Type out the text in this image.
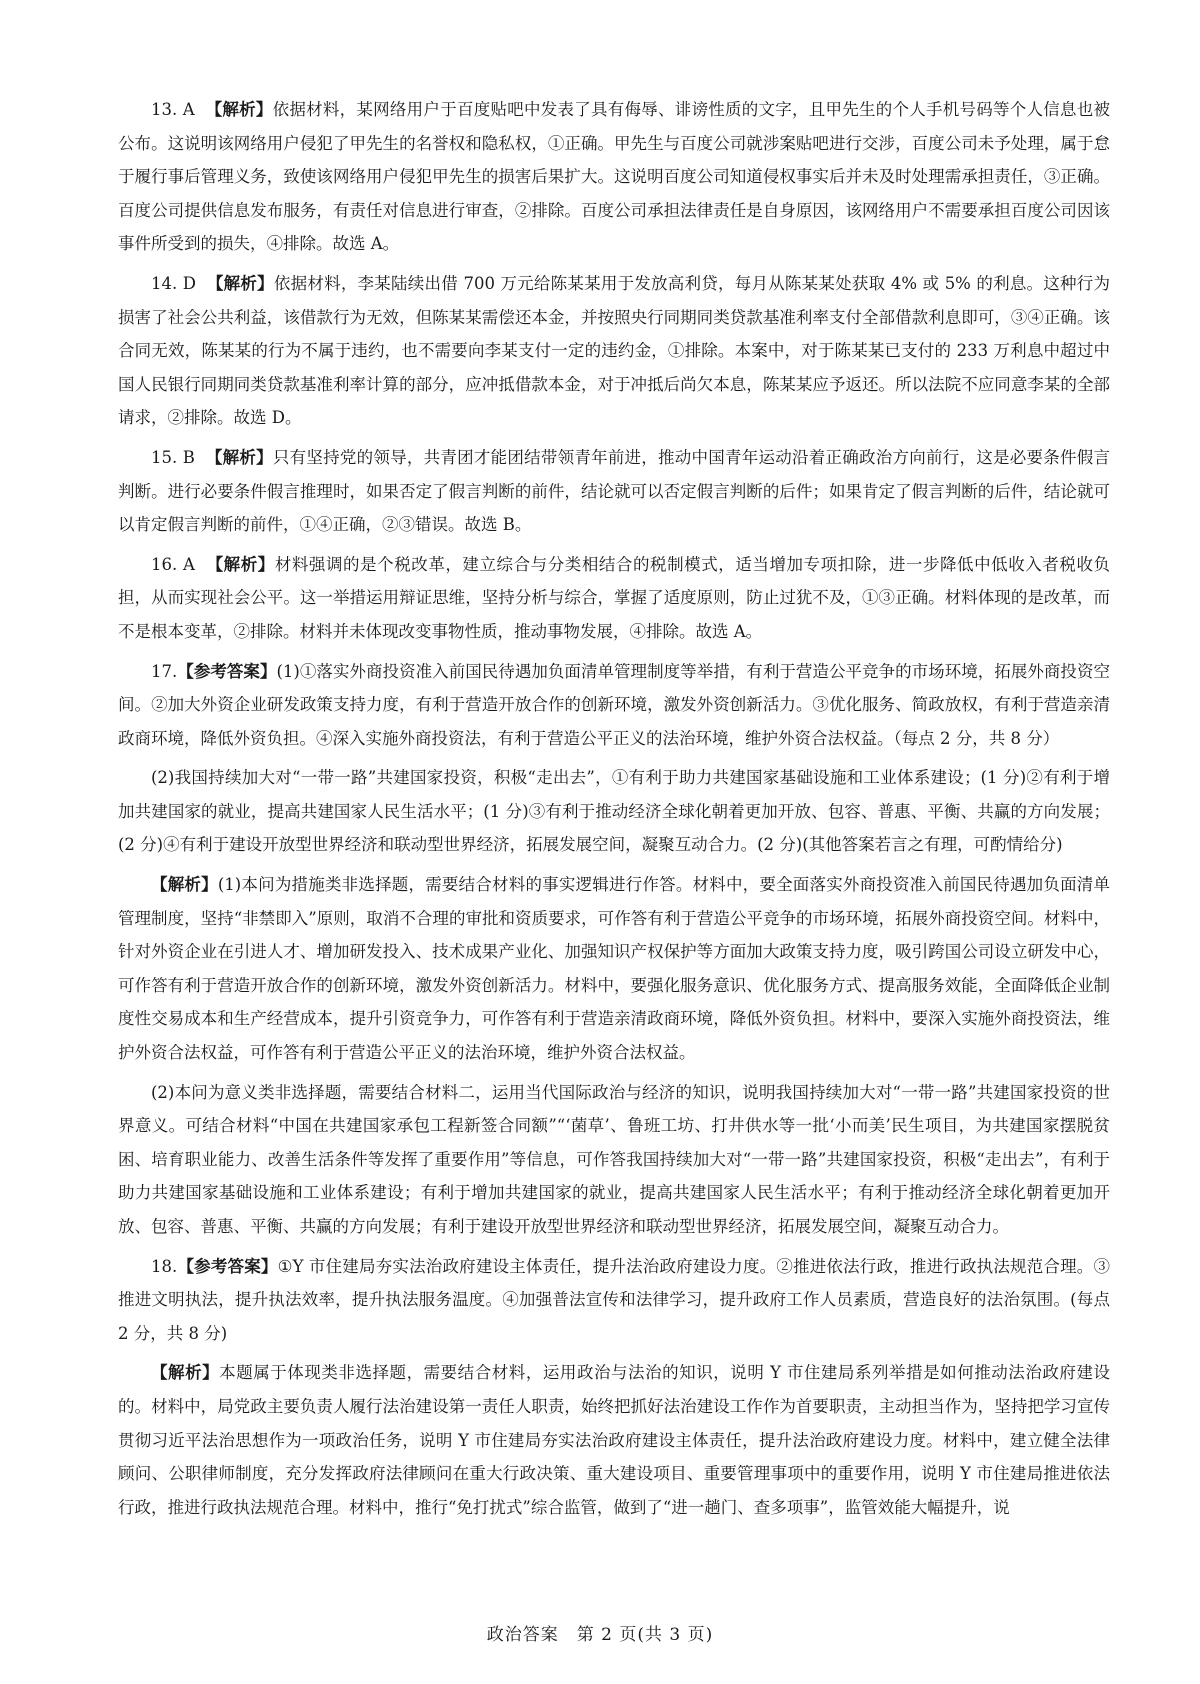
13. A 【解析】依据材料，某网络用户于百度贴吧中发表了具有侮辱、诽谤性质的文字，且甲先生的个人手机号码等个人信息也被公布。这说明该网络用户侵犯了甲先生的名誉权和隐私权，①正确。甲先生与百度公司就涉案贴吧进行交涉，百度公司未予处理，属于怠于履行事后管理义务，致使该网络用户侵犯甲先生的损害后果扩大。这说明百度公司知道侵权事实后并未及时处理需承担责任，③正确。百度公司提供信息发布服务，有责任对信息进行审查，②排除。百度公司承担法律责任是自身原因，该网络用户不需要承担百度公司因该事件所受到的损失，④排除。故选 A。

14. D 【解析】依据材料，李某陆续出借 700 万元给陈某某用于发放高利贷，每月从陈某某处获取 4% 或 5% 的利息。这种行为损害了社会公共利益，该借款行为无效，但陈某某需偿还本金，并按照央行同期同类贷款基准利率支付全部借款利息即可，③④正确。该合同无效，陈某某的行为不属于违约，也不需要向李某支付一定的违约金，①排除。本案中，对于陈某某已支付的 233 万利息中超过中国人民银行同期同类贷款基准利率计算的部分，应冲抵借款本金，对于冲抵后尚欠本息，陈某某应予返还。所以法院不应同意李某的全部请求，②排除。故选 D。

15. B 【解析】只有坚持党的领导，共青团才能团结带领青年前进，推动中国青年运动沿着正确政治方向前行，这是必要条件假言判断。进行必要条件假言推理时，如果否定了假言判断的前件，结论就可以否定假言判断的后件；如果肯定了假言判断的后件，结论就可以肯定假言判断的前件，①④正确，②③错误。故选 B。

16. A 【解析】材料强调的是个税改革，建立综合与分类相结合的税制模式，适当增加专项扣除，进一步降低中低收入者税收负担，从而实现社会公平。这一举措运用辩证思维，坚持分析与综合，掌握了适度原则，防止过犹不及，①③正确。材料体现的是改革，而不是根本变革，②排除。材料并未体现改变事物性质，推动事物发展，④排除。故选 A。

17.【参考答案】(1)①落实外商投资准入前国民待遇加负面清单管理制度等举措，有利于营造公平竞争的市场环境，拓展外商投资空间。②加大外资企业研发政策支持力度，有利于营造开放合作的创新环境，激发外资创新活力。③优化服务、简政放权，有利于营造亲清政商环境，降低外资负担。④深入实施外商投资法，有利于营造公平正义的法治环境，维护外资合法权益。（每点 2 分，共 8 分）

(2)我国持续加大对“一带一路”共建国家投资，积极“走出去”，①有利于助力共建国家基础设施和工业体系建设；(1 分)②有利于增加共建国家的就业，提高共建国家人民生活水平；(1 分)③有利于推动经济全球化朝着更加开放、包容、普惠、平衡、共赢的方向发展；(2 分)④有利于建设开放型世界经济和联动型世界经济，拓展发展空间，凝聚互动合力。(2 分)(其他答案若言之有理，可酌情给分)

【解析】(1)本问为措施类非选择题，需要结合材料的事实逻辑进行作答。材料中，要全面落实外商投资准入前国民待遇加负面清单管理制度，坚持“非禁即入”原则，取消不合理的审批和资质要求，可作答有利于营造公平竞争的市场环境，拓展外商投资空间。材料中，针对外资企业在引进人才、增加研发投入、技术成果产业化、加强知识产权保护等方面加大政策支持力度，吸引跨国公司设立研发中心，可作答有利于营造开放合作的创新环境，激发外资创新活力。材料中，要强化服务意识、优化服务方式、提高服务效能，全面降低企业制度性交易成本和生产经营成本，提升引资竞争力，可作答有利于营造亲清政商环境，降低外资负担。材料中，要深入实施外商投资法，维护外资合法权益，可作答有利于营造公平正义的法治环境，维护外资合法权益。

(2)本问为意义类非选择题，需要结合材料二，运用当代国际政治与经济的知识，说明我国持续加大对“一带一路”共建国家投资的世界意义。可结合材料“中国在共建国家承包工程新签合同额”“‘菌草’、鲁班工坊、打井供水等一批‘小而美’民生项目，为共建国家摆脱贫困、培育职业能力、改善生活条件等发挥了重要作用”等信息，可作答我国持续加大对“一带一路”共建国家投资，积极“走出去”，有利于助力共建国家基础设施和工业体系建设；有利于增加共建国家的就业，提高共建国家人民生活水平；有利于推动经济全球化朝着更加开放、包容、普惠、平衡、共赢的方向发展；有利于建设开放型世界经济和联动型世界经济，拓展发展空间，凝聚互动合力。

18.【参考答案】①Y 市住建局夯实法治政府建设主体责任，提升法治政府建设力度。②推进依法行政，推进行政执法规范合理。③推进文明执法，提升执法效率，提升执法服务温度。④加强普法宣传和法律学习，提升政府工作人员素质，营造良好的法治氛围。(每点 2 分，共 8 分)

【解析】本题属于体现类非选择题，需要结合材料，运用政治与法治的知识，说明 Y 市住建局系列举措是如何推动法治政府建设的。材料中，局党政主要负责人履行法治建设第一责任人职责，始终把抓好法治建设工作作为首要职责，主动担当作为，坚持把学习宣传贯彻习近平法治思想作为一项政治任务，说明 Y 市住建局夯实法治政府建设主体责任，提升法治政府建设力度。材料中，建立健全法律顾问、公职律师制度，充分发挥政府法律顾问在重大行政决策、重大建设项目、重要管理事项中的重要作用，说明 Y 市住建局推进依法行政，推进行政执法规范合理。材料中，推行“免打扰式”综合监管，做到了“进一趟门、查多项事”，监管效能大幅提升，说

政治答案　第 2 页(共 3 页)
